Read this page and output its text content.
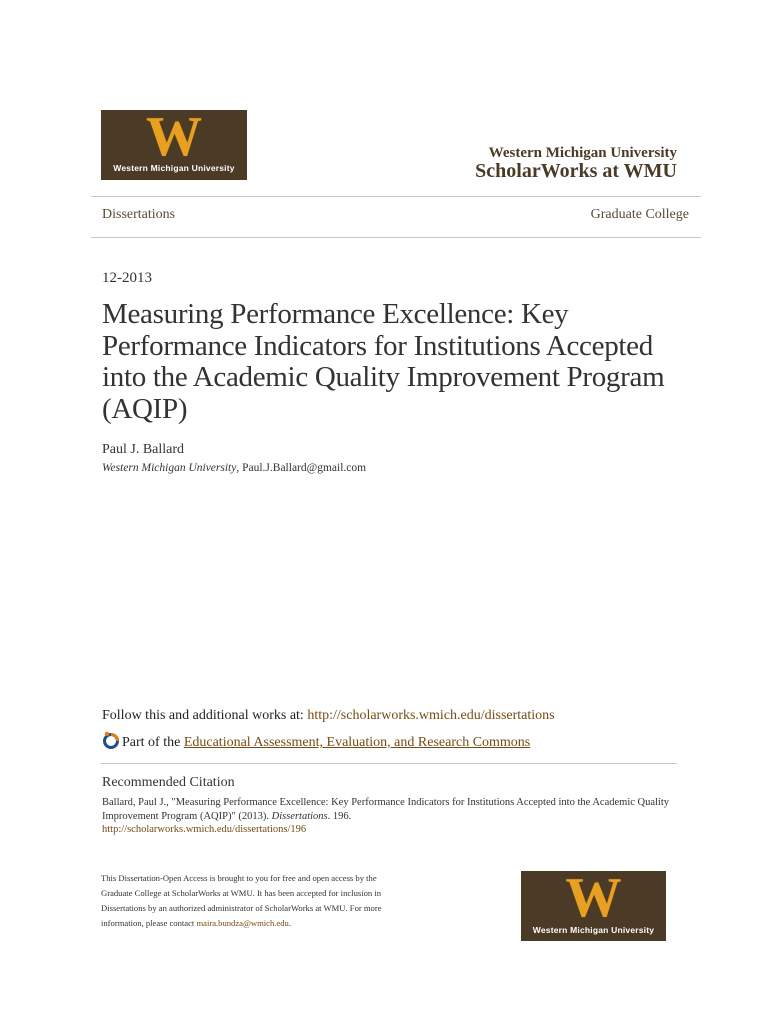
W
Western Michigan University
Western Michigan University
ScholarWorks at WMU
Dissertations	Graduate College
12-2013
Measuring Performance Excellence: Key Performance Indicators for Institutions Accepted into the Academic Quality Improvement Program (AQIP)
Paul J. Ballard
Western Michigan University, Paul.J.Ballard@gmail.com
Follow this and additional works at: http://scholarworks.wmich.edu/dissertations
Part of the Educational Assessment, Evaluation, and Research Commons
Recommended Citation
Ballard, Paul J., "Measuring Performance Excellence: Key Performance Indicators for Institutions Accepted into the Academic Quality Improvement Program (AQIP)" (2013). Dissertations. 196.
http://scholarworks.wmich.edu/dissertations/196
This Dissertation-Open Access is brought to you for free and open access by the Graduate College at ScholarWorks at WMU. It has been accepted for inclusion in Dissertations by an authorized administrator of ScholarWorks at WMU. For more information, please contact maira.bundza@wmich.edu.	W
Western Michigan University
